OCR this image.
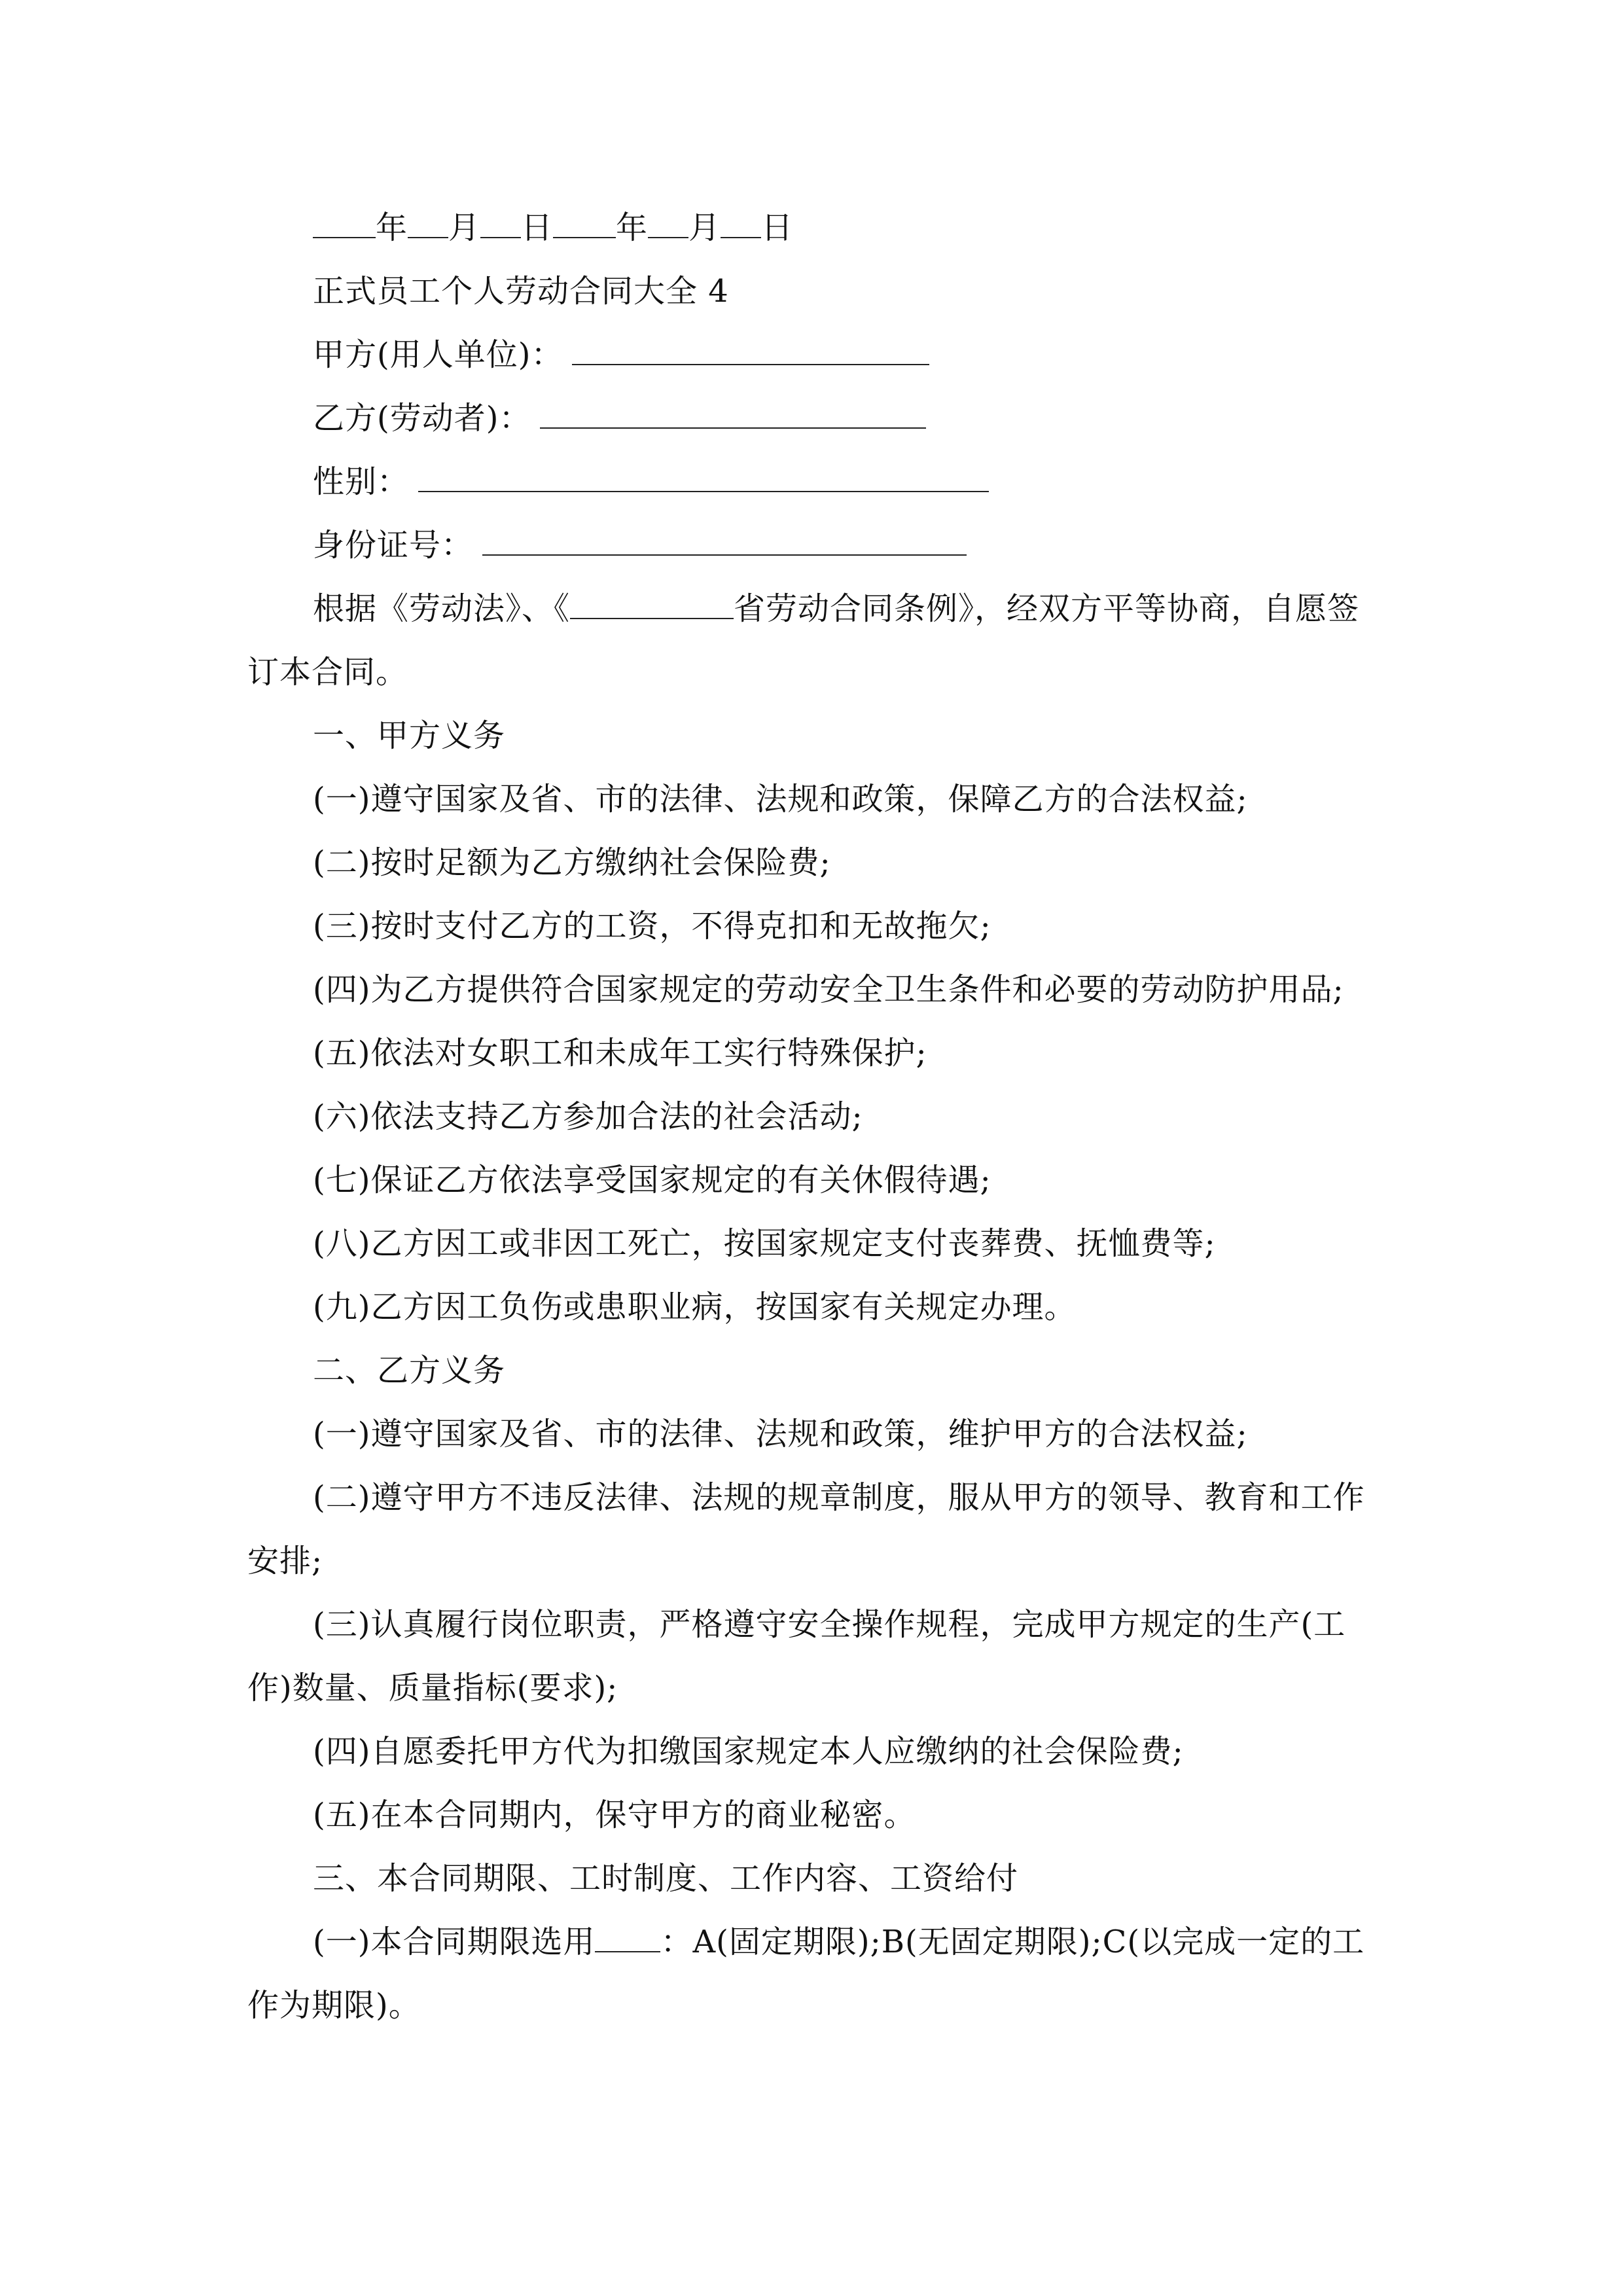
年 月 日 年 月 日
正式员工个人劳动合同大全 4
甲方(用人单位)：
乙方(劳动者)：
性别：
身份证号：
根据《劳动法》、《	省劳动合同条例》，经双方平等协商，自愿签
订本合同。
一、甲方义务
(一)遵守国家及省、市的法律、法规和政策，保障乙方的合法权益;
(二)按时足额为乙方缴纳社会保险费;
(三)按时支付乙方的工资，不得克扣和无故拖欠;
(四)为乙方提供符合国家规定的劳动安全卫生条件和必要的劳动防护用品;
(五)依法对女职工和未成年工实行特殊保护;
(六)依法支持乙方参加合法的社会活动;
(七)保证乙方依法享受国家规定的有关休假待遇;
(八)乙方因工或非因工死亡，按国家规定支付丧葬费、抚恤费等;
(九)乙方因工负伤或患职业病，按国家有关规定办理。
二、乙方义务
(一)遵守国家及省、市的法律、法规和政策，维护甲方的合法权益;
(二)遵守甲方不违反法律、法规的规章制度，服从甲方的领导、教育和工作
安排;
(三)认真履行岗位职责，严格遵守安全操作规程，完成甲方规定的生产(工
作)数量、质量指标(要求);
(四)自愿委托甲方代为扣缴国家规定本人应缴纳的社会保险费;
(五)在本合同期内，保守甲方的商业秘密。
三、本合同期限、工时制度、工作内容、工资给付
(一)本合同期限选用 ：A(固定期限);B(无固定期限);C(以完成一定的工
作为期限)。
